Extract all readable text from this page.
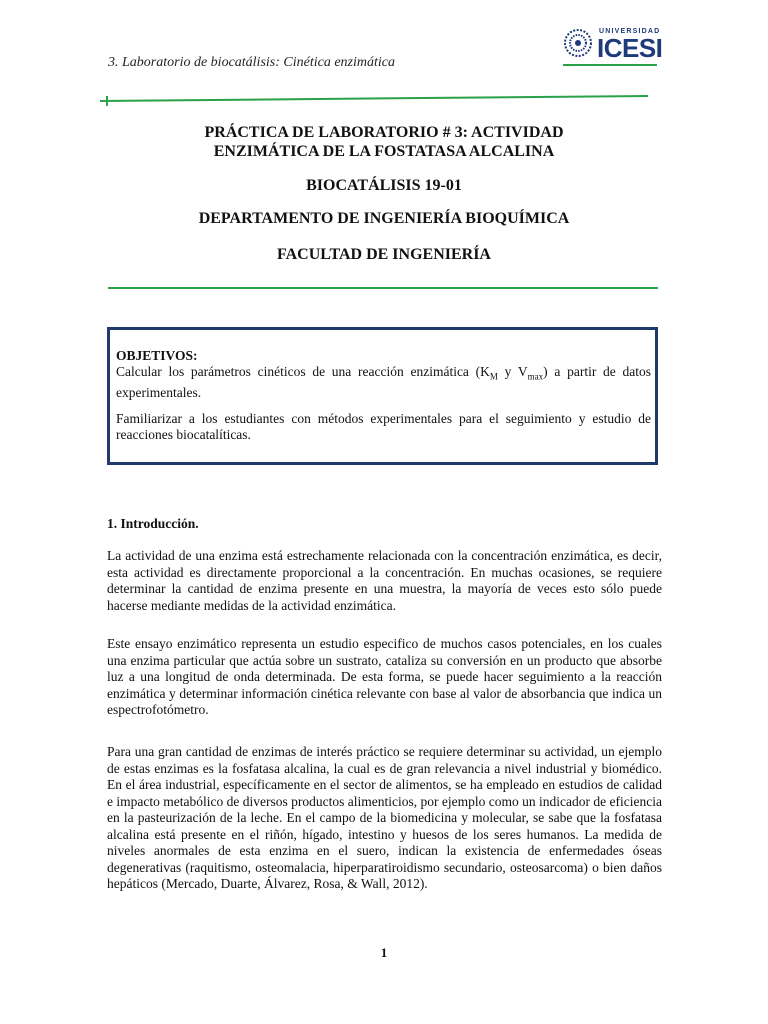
3. Laboratorio de biocatálisis: Cinética enzimática
UNIVERSIDAD
ICESI
PRÁCTICA DE LABORATORIO # 3: ACTIVIDAD
ENZIMÁTICA DE LA FOSTATASA ALCALINA
BIOCATÁLISIS 19-01
DEPARTAMENTO DE INGENIERÍA BIOQUÍMICA
FACULTAD DE INGENIERÍA
OBJETIVOS:
Calcular los parámetros cinéticos de una reacción enzimática ($K_M$ y $V_{max}$) a partir de datos experimentales.
Familiarizar a los estudiantes con métodos experimentales para el seguimiento y estudio de reacciones biocatalíticas.
1. Introducción.
La actividad de una enzima está estrechamente relacionada con la concentración enzimática, es decir, esta actividad es directamente proporcional a la concentración. En muchas ocasiones, se requiere determinar la cantidad de enzima presente en una muestra, la mayoría de veces esto sólo puede hacerse mediante medidas de la actividad enzimática.
Este ensayo enzimático representa un estudio especifico de muchos casos potenciales, en los cuales una enzima particular que actúa sobre un sustrato, cataliza su conversión en un producto que absorbe luz a una longitud de onda determinada. De esta forma, se puede hacer seguimiento a la reacción enzimática y determinar información cinética relevante con base al valor de absorbancia que indica un espectrofotómetro.
Para una gran cantidad de enzimas de interés práctico se requiere determinar su actividad, un ejemplo de estas enzimas es la fosfatasa alcalina, la cual es de gran relevancia a nivel industrial y biomédico. En el área industrial, específicamente en el sector de alimentos, se ha empleado en estudios de calidad e impacto metabólico de diversos productos alimenticios, por ejemplo como un indicador de eficiencia en la pasteurización de la leche. En el campo de la biomedicina y molecular, se sabe que la fosfatasa alcalina está presente en el riñón, hígado, intestino y huesos de los seres humanos. La medida de niveles anormales de esta enzima en el suero, indican la existencia de enfermedades óseas degenerativas (raquitismo, osteomalacia, hiperparatiroidismo secundario, osteosarcoma) o bien daños hepáticos (Mercado, Duarte, Álvarez, Rosa, & Wall, 2012).
1
